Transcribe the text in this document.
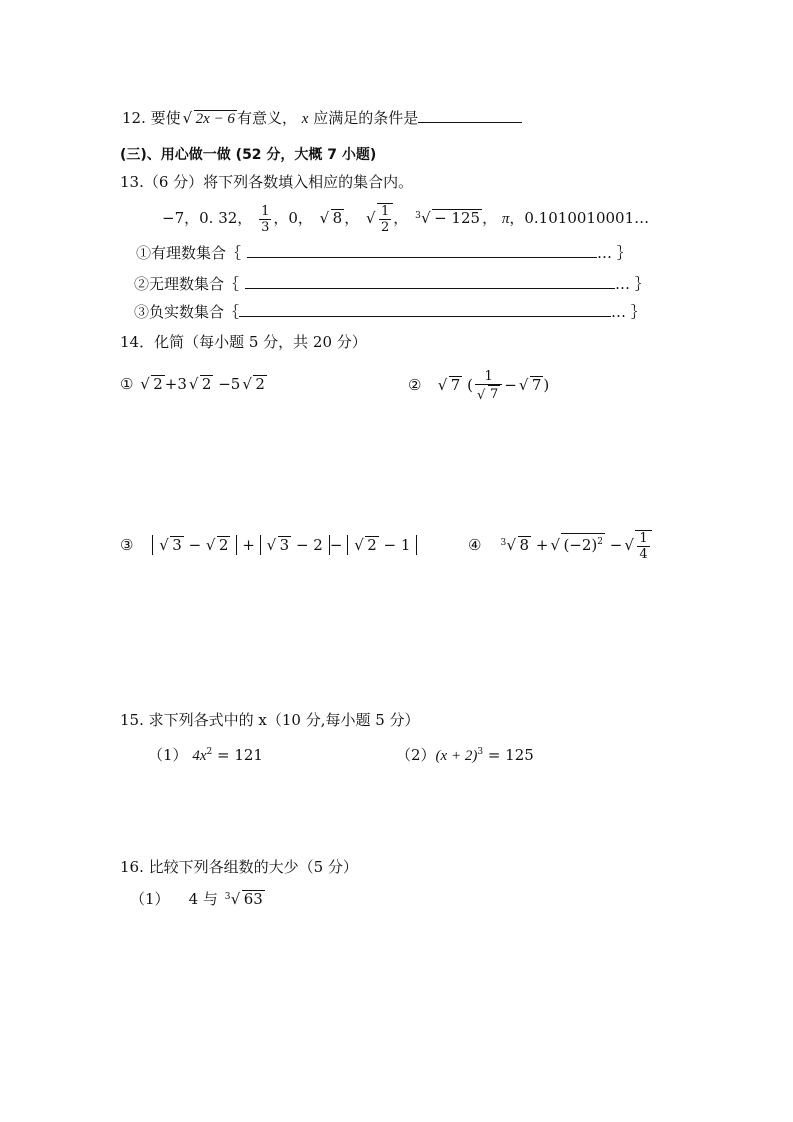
12. 要使 √ 2x − 6 有意义， x 应满足的条件是
(三)、用心做一做 (52 分，大概 7 小题)
13.（6 分）将下列各数填入相应的集合内。
−7，0. 32， $\frac{1}{3}$ ，0， √ 8 ， √ $\frac{1}{2}$ ， 3 √ − 125 ， π，0.1010010001…
①有理数集合｛	… ｝
②无理数集合｛	… ｝
③负实数集合｛	… ｝
14．化简（每小题 5 分，共 20 分）
① √ 2 +3 √ 2 −5 √ 2	② √ 7 ( $\frac{1}{√ 7}$ − √ 7 )
③ √ 3 − √ 2 + √ 3 − 2 − √ 2 − 1	④ 3 √ 8 + √ $(-2)^2$ − √ $\frac{1}{4}$
15. 求下列各式中的 x（10 分,每小题 5 分）
（1） $4x^2 = 121$	$(2)(x + 2)^3 = 125$
16. 比较下列各组数的大少（5 分）
（1） 4 与 3 √ 63
